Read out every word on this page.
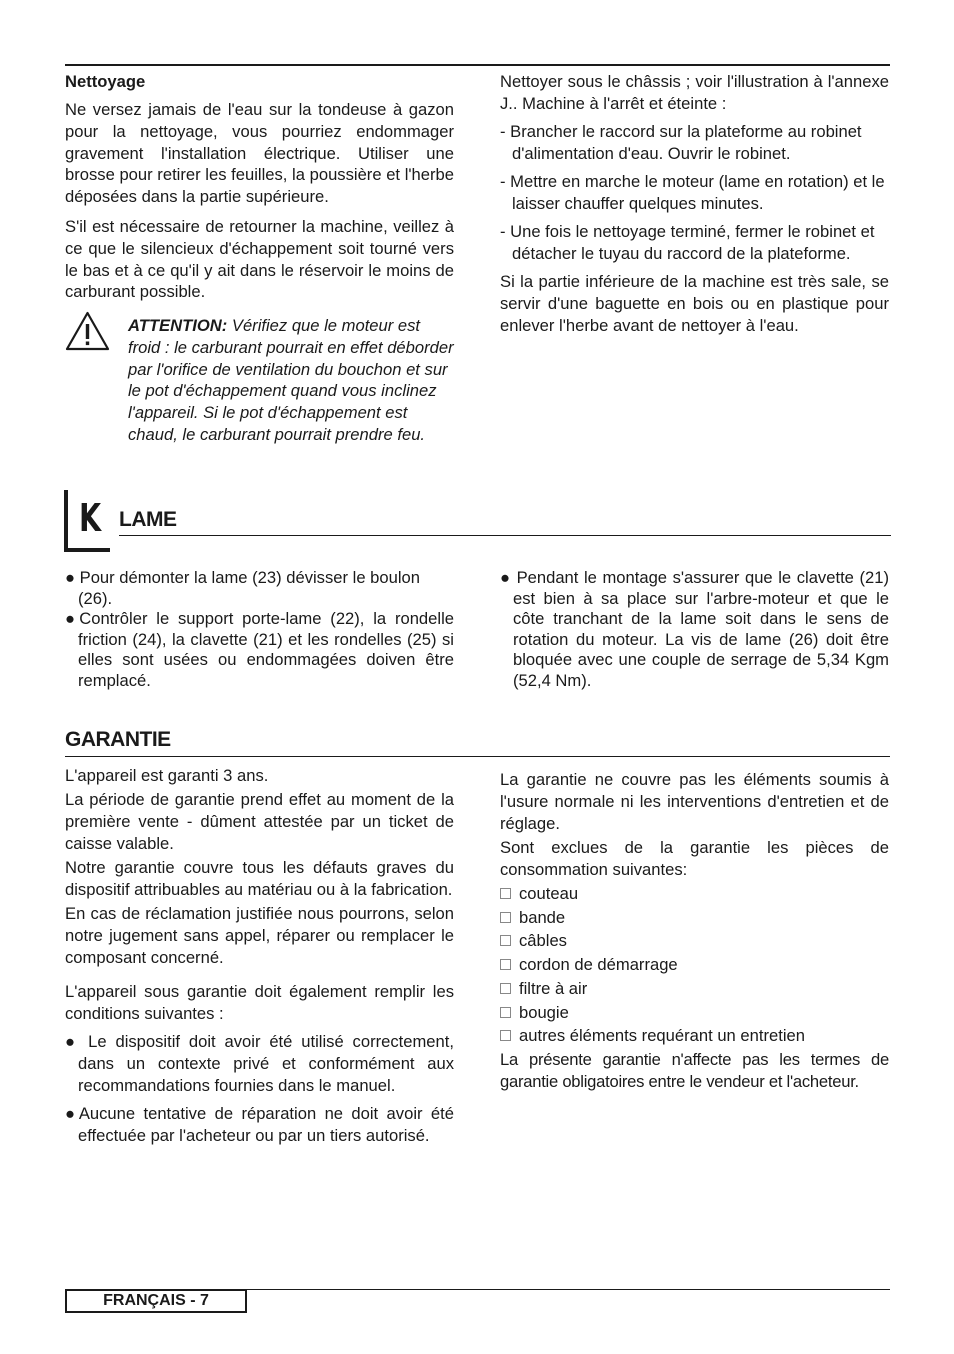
Nettoyage

Ne versez jamais de l'eau sur la tondeuse à gazon pour la nettoyage, vous pourriez endommager gravement l'installation électrique. Utiliser une brosse pour retirer les feuilles, la poussière et l'herbe déposées dans la partie supérieure.

S'il est nécessaire de retourner la machine, veillez à ce que le silencieux d'échappement soit tourné vers le bas et à ce qu'il y ait dans le réservoir le moins de carburant possible.

ATTENTION: Vérifiez que le moteur est froid : le carburant pourrait en effet déborder par l'orifice de ventilation du bouchon et sur le pot d'échappement quand vous inclinez l'appareil. Si le pot d'échappement est chaud, le carburant pourrait prendre feu.

Nettoyer sous le châssis ; voir l'illustration à l'annexe J.. Machine à l'arrêt et éteinte :

- Brancher le raccord sur la plateforme au robinet d'alimentation d'eau. Ouvrir le robinet.

- Mettre en marche le moteur (lame en rotation) et le laisser chauffer quelques minutes.

- Une fois le nettoyage terminé, fermer le robinet et détacher le tuyau du raccord de la plateforme.

Si la partie inférieure de la machine est très sale, se servir d'une baguette en bois ou en plastique pour enlever l'herbe avant de nettoyer à l'eau.

K LAME

● Pour démonter la lame (23) dévisser le boulon (26).

●Contrôler le support porte-lame (22), la rondelle friction (24), la clavette (21) et les rondelles (25) si elles sont usées ou endommagées doiven être remplacé.

● Pendant le montage s'assurer que le clavette (21) est bien à sa place sur l'arbre-moteur et que le côte tranchant de la lame soit dans le sens de rotation du moteur. La vis de lame (26) doit être bloquée avec une couple de serrage de 5,34 Kgm (52,4 Nm).

GARANTIE

L'appareil est garanti 3 ans.

La période de garantie prend effet au moment de la première vente - dûment attestée par un ticket de caisse valable.

Notre garantie couvre tous les défauts graves du dispositif attribuables au matériau ou à la fabrication.

En cas de réclamation justifiée nous pourrons, selon notre jugement sans appel, réparer ou remplacer le composant concerné.

L'appareil sous garantie doit également remplir les conditions suivantes :

● Le dispositif doit avoir été utilisé correctement, dans un contexte privé et conformément aux recommandations fournies dans le manuel.

●Aucune tentative de réparation ne doit avoir été effectuée par l'acheteur ou par un tiers autorisé.

La garantie ne couvre pas les éléments soumis à l'usure normale ni les interventions d'entretien et de réglage.

Sont exclues de la garantie les pièces de consommation suivantes:

couteau
bande
câbles
cordon de démarrage
filtre à air
bougie
autres éléments requérant un entretien

La présente garantie n'affecte pas les termes de garantie obligatoires entre le vendeur et l'acheteur.

FRANÇAIS - 7
